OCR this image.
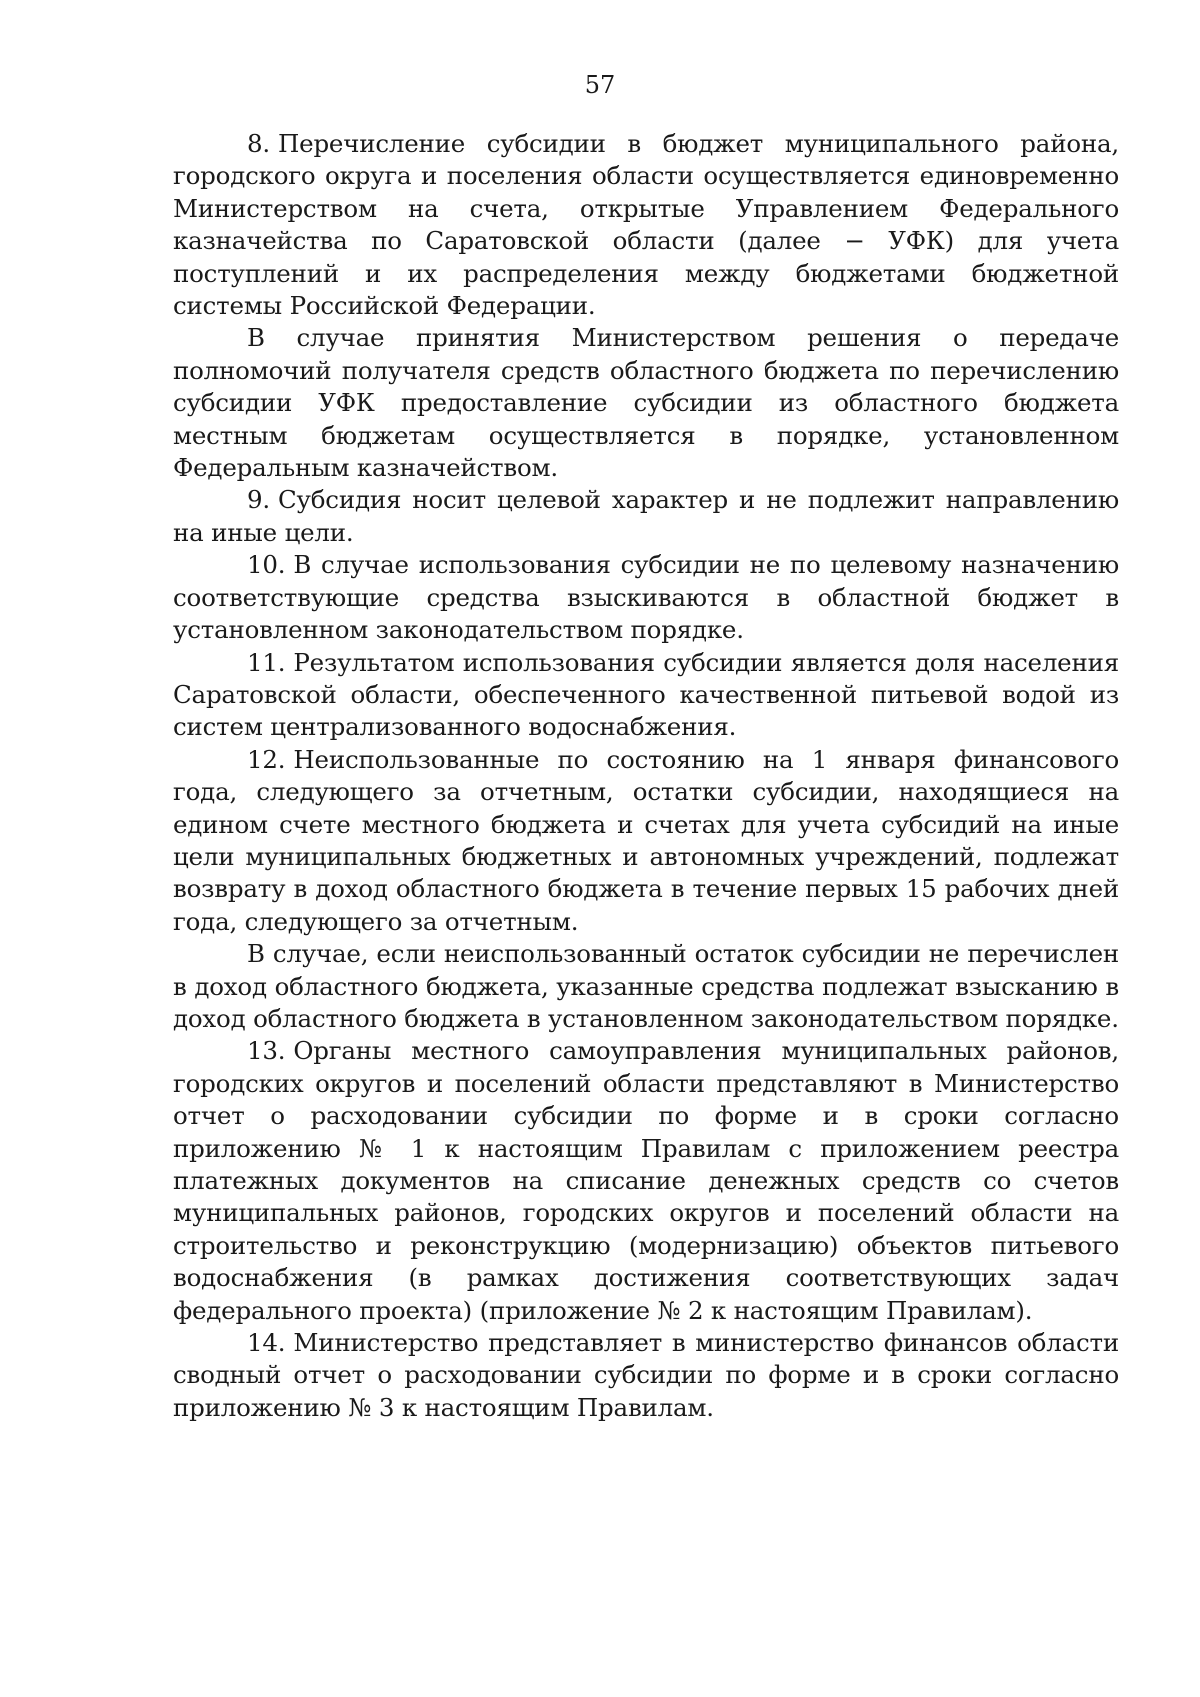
57

8. Перечисление субсидии в бюджет муниципального района, городского округа и поселения области осуществляется единовременно Министерством на счета, открытые Управлением Федерального казначейства по Саратовской области (далее − УФК) для учета поступлений и их распределения между бюджетами бюджетной системы Российской Федерации.

В случае принятия Министерством решения о передаче полномочий получателя средств областного бюджета по перечислению субсидии УФК предоставление субсидии из областного бюджета местным бюджетам осуществляется в порядке, установленном Федеральным казначейством.

9. Субсидия носит целевой характер и не подлежит направлению на иные цели.

10. В случае использования субсидии не по целевому назначению соответствующие средства взыскиваются в областной бюджет в установленном законодательством порядке.

11. Результатом использования субсидии является доля населения Саратовской области, обеспеченного качественной питьевой водой из систем централизованного водоснабжения.

12. Неиспользованные по состоянию на 1 января финансового года, следующего за отчетным, остатки субсидии, находящиеся на едином счете местного бюджета и счетах для учета субсидий на иные цели муниципальных бюджетных и автономных учреждений, подлежат возврату в доход областного бюджета в течение первых 15 рабочих дней года, следующего за отчетным.

В случае, если неиспользованный остаток субсидии не перечислен в доход областного бюджета, указанные средства подлежат взысканию в доход областного бюджета в установленном законодательством порядке.

13. Органы местного самоуправления муниципальных районов, городских округов и поселений области представляют в Министерство отчет о расходовании субсидии по форме и в сроки согласно приложению № 1 к настоящим Правилам с приложением реестра платежных документов на списание денежных средств со счетов муниципальных районов, городских округов и поселений области на строительство и реконструкцию (модернизацию) объектов питьевого водоснабжения (в рамках достижения соответствующих задач федерального проекта) (приложение № 2 к настоящим Правилам).

14. Министерство представляет в министерство финансов области сводный отчет о расходовании субсидии по форме и в сроки согласно приложению № 3 к настоящим Правилам.
